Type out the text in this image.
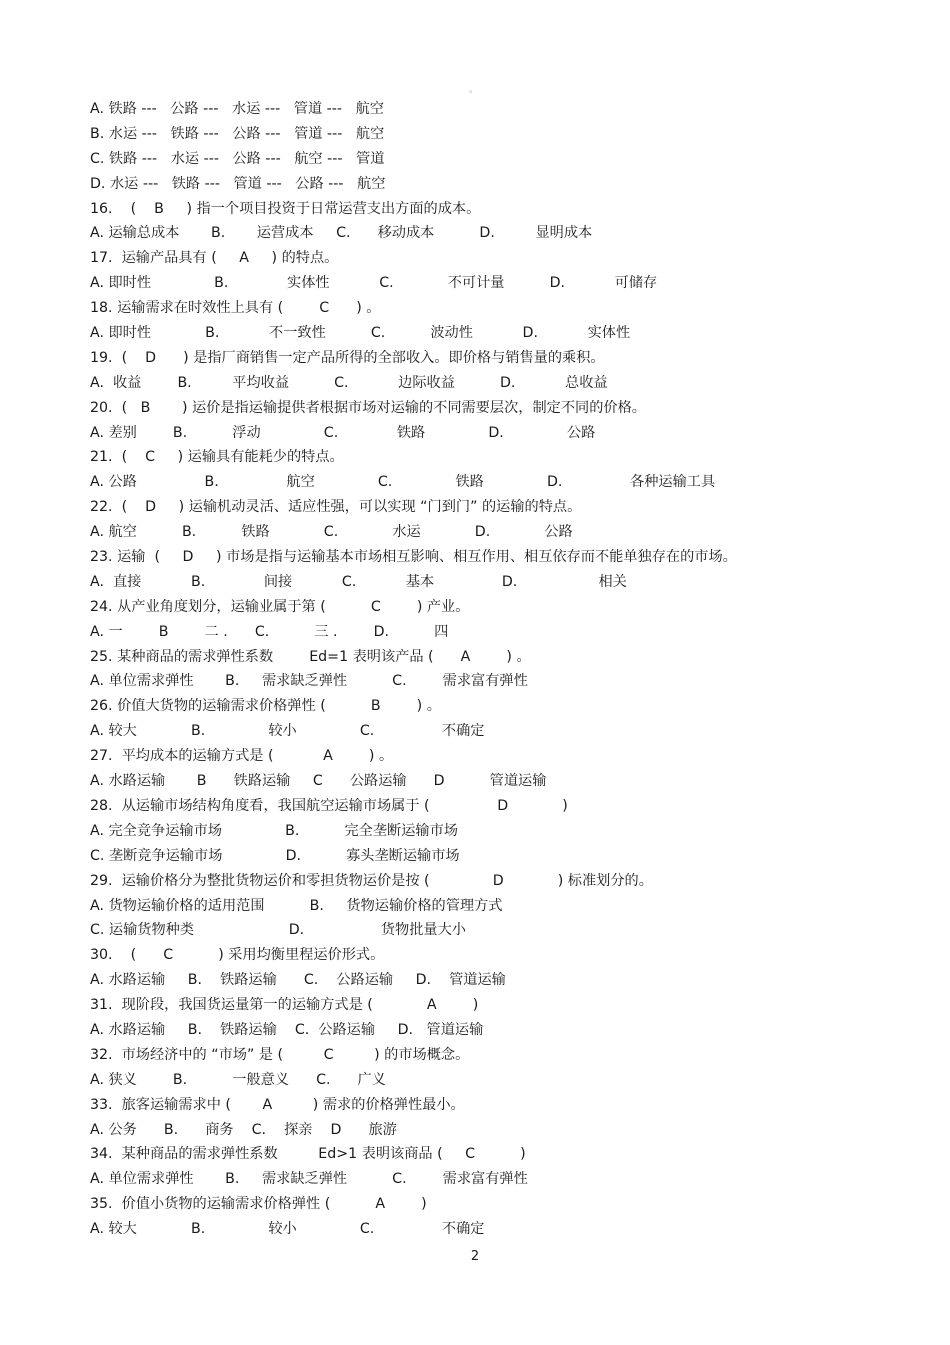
。
A. 铁路 ---   公路 ---   水运 ---   管道 ---   航空
B. 水运 ---   铁路 ---   公路 ---   管道 ---   航空
C. 铁路 ---   水运 ---   公路 ---   航空 ---   管道
D. 水运 ---   铁路 ---   管道 ---   公路 ---   航空
16.    (    B     ) 指一个项目投资于日常运营支出方面的成本。
A. 运输总成本       B.       运营成本     C.      移动成本          D.         显明成本
17.  运输产品具有 (     A     ) 的特点。
A. 即时性              B.             实体性           C.            不可计量          D.           可储存
18. 运输需求在时效性上具有 (        C      ) 。
A. 即时性            B.           不一致性          C.          波动性           D.           实体性
19.  (    D      ) 是指厂商销售一定产品所得的全部收入。即价格与销售量的乘积。
A.  收益        B.         平均收益          C.           边际收益          D.           总收益
20.  (   B       ) 运价是指运输提供者根据市场对运输的不同需要层次，制定不同的价格。
A. 差别        B.          浮动              C.             铁路              D.              公路
21.  (    C     ) 运输具有能耗少的特点。
A. 公路               B.               航空              C.              铁路              D.               各种运输工具
22.  (    D     ) 运输机动灵活、适应性强，可以实现 “门到门” 的运输的特点。
A. 航空          B.          铁路            C.            水运            D.            公路
23. 运输  (     D     ) 市场是指与运输基本市场相互影响、相互作用、相互依存而不能单独存在的市场。
A.  直接           B.             间接           C.           基本               D.                  相关
24. 从产业角度划分，运输业属于第 (          C        ) 产业。
A. 一        B        二 .      C.          三 .        D.          四
25. 某种商品的需求弹性系数        Ed=1 表明该产品 (      A        ) 。
A. 单位需求弹性       B.     需求缺乏弹性          C.        需求富有弹性
26. 价值大货物的运输需求价格弹性 (          B        ) 。
A. 较大            B.              较小              C.               不确定
27.  平均成本的运输方式是 (           A        ) 。
A. 水路运输       B      铁路运输     C      公路运输      D          管道运输
28.  从运输市场结构角度看，我国航空运输市场属于 (               D            )
A. 完全竞争运输市场              B.          完全垄断运输市场
C. 垄断竞争运输市场              D.          寡头垄断运输市场
29.  运输价格分为整批货物运价和零担货物运价是按 (              D            ) 标准划分的。
A. 货物运输价格的适用范围          B.     货物运输价格的管理方式
C. 运输货物种类                     D.                 货物批量大小
30.    (      C          ) 采用均衡里程运价形式。
A. 水路运输     B.    铁路运输      C.    公路运输     D.    管道运输
31.  现阶段，我国货运量第一的运输方式是 (            A        )
A. 水路运输     B.    铁路运输    C.  公路运输     D.   管道运输
32.  市场经济中的 “市场” 是 (         C         ) 的市场概念。
A. 狭义        B.          一般意义      C.      广义
33.  旅客运输需求中 (       A         ) 需求的价格弹性最小。
A. 公务      B.      商务    C.    探亲    D      旅游
34.  某种商品的需求弹性系数         Ed>1 表明该商品 (     C          )
A. 单位需求弹性       B.     需求缺乏弹性          C.        需求富有弹性
35.  价值小货物的运输需求价格弹性 (          A        )
A. 较大            B.              较小              C.               不确定
2
